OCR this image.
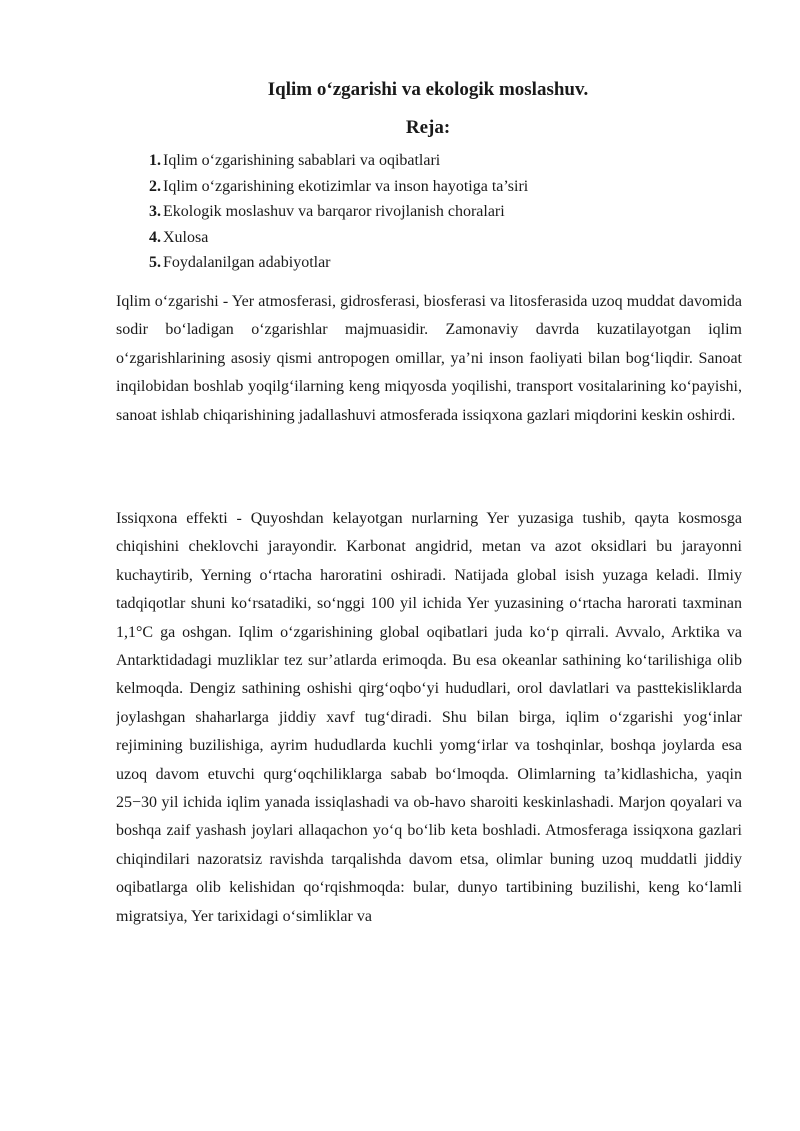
Iqlim o‘zgarishi va ekologik moslashuv.
Reja:
1. Iqlim o‘zgarishining sabablari va oqibatlari
2. Iqlim o‘zgarishining ekotizimlar va inson hayotiga ta’siri
3. Ekologik moslashuv va barqaror rivojlanish choralari
4. Xulosa
5. Foydalanilgan adabiyotlar

Iqlim o‘zgarishi - Yer atmosferasi, gidrosferasi, biosferasi va litosferasida uzoq muddat davomida sodir bo‘ladigan o‘zgarishlar majmuasidir. Zamonaviy davrda kuzatilayotgan iqlim o‘zgarishlarining asosiy qismi antropogen omillar, ya’ni inson faoliyati bilan bog‘liqdir. Sanoat inqilobidan boshlab yoqilg‘ilarning keng miqyosda yoqilishi, transport vositalarining ko‘payishi, sanoat ishlab chiqarishining jadallashuvi atmosferada issiqxona gazlari miqdorini keskin oshirdi.

Issiqxona effekti - Quyoshdan kelayotgan nurlarning Yer yuzasiga tushib, qayta kosmosga chiqishini cheklovchi jarayondir. Karbonat angidrid, metan va azot oksidlari bu jarayonni kuchaytirib, Yerning o‘rtacha haroratini oshiradi. Natijada global isish yuzaga keladi. Ilmiy tadqiqotlar shuni ko‘rsatadiki, so‘nggi 100 yil ichida Yer yuzasining o‘rtacha harorati taxminan 1,1°C ga oshgan. Iqlim o‘zgarishining global oqibatlari juda ko‘p qirrali. Avvalo, Arktika va Antarktidadagi muzliklar tez sur’atlarda erimoqda. Bu esa okeanlar sathining ko‘tarilishiga olib kelmoqda. Dengiz sathining oshishi qirg‘oqbo‘yi hududlari, orol davlatlari va pasttekisliklarda joylashgan shaharlarga jiddiy xavf tug‘diradi. Shu bilan birga, iqlim o‘zgarishi yog‘inlar rejimining buzilishiga, ayrim hududlarda kuchli yomg‘irlar va toshqinlar, boshqa joylarda esa uzoq davom etuvchi qurg‘oqchiliklarga sabab bo‘lmoqda. Olimlarning ta’kidlashicha, yaqin 25−30 yil ichida iqlim yanada issiqlashadi va ob-havo sharoiti keskinlashadi. Marjon qoyalari va boshqa zaif yashash joylari allaqachon yo‘q bo‘lib keta boshladi. Atmosferaga issiqxona gazlari chiqindilari nazoratsiz ravishda tarqalishda davom etsa, olimlar buning uzoq muddatli jiddiy oqibatlarga olib kelishidan qo‘rqishmoqda: bular, dunyo tartibining buzilishi, keng ko‘lamli migratsiya, Yer tarixidagi o‘simliklar va
